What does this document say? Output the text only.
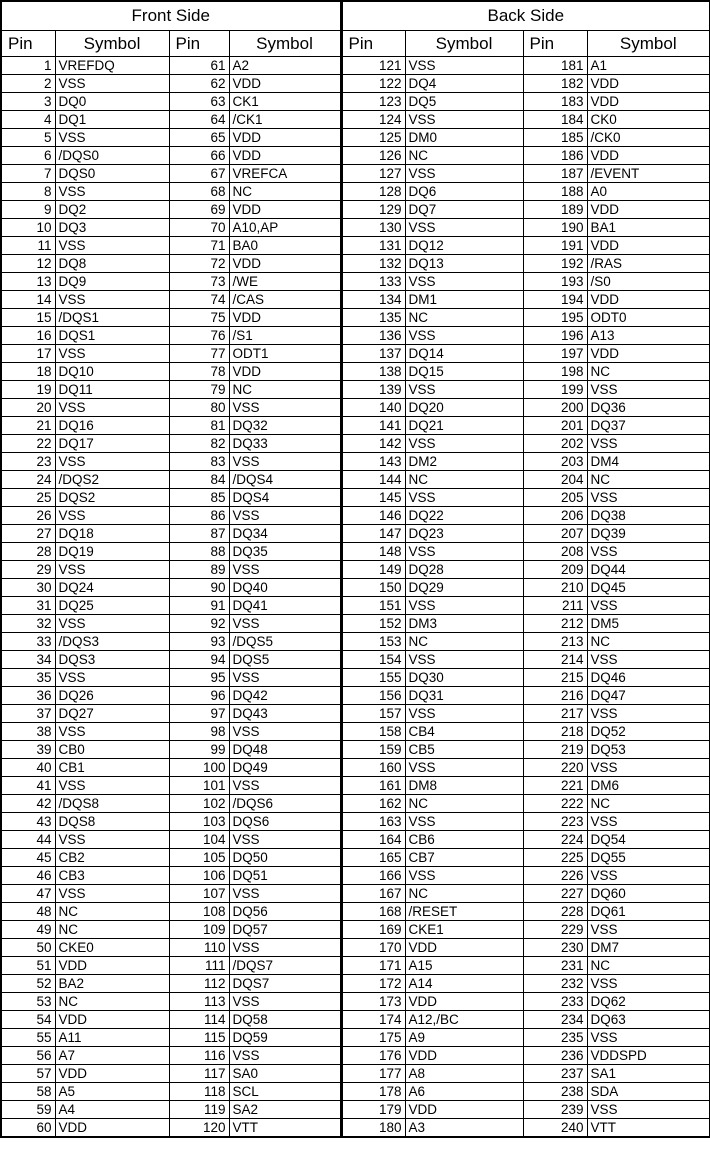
Front Side				Back Side			
Pin	Symbol	Pin	Symbol	Pin	Symbol	Pin	Symbol
1	VREFDQ	61	A2	121	VSS	181	A1
2	VSS	62	VDD	122	DQ4	182	VDD
3	DQ0	63	CK1	123	DQ5	183	VDD
4	DQ1	64	/CK1	124	VSS	184	CK0
5	VSS	65	VDD	125	DM0	185	/CK0
6	/DQS0	66	VDD	126	NC	186	VDD
7	DQS0	67	VREFCA	127	VSS	187	/EVENT
8	VSS	68	NC	128	DQ6	188	A0
9	DQ2	69	VDD	129	DQ7	189	VDD
10	DQ3	70	A10,AP	130	VSS	190	BA1
11	VSS	71	BA0	131	DQ12	191	VDD
12	DQ8	72	VDD	132	DQ13	192	/RAS
13	DQ9	73	/WE	133	VSS	193	/S0
14	VSS	74	/CAS	134	DM1	194	VDD
15	/DQS1	75	VDD	135	NC	195	ODT0
16	DQS1	76	/S1	136	VSS	196	A13
17	VSS	77	ODT1	137	DQ14	197	VDD
18	DQ10	78	VDD	138	DQ15	198	NC
19	DQ11	79	NC	139	VSS	199	VSS
20	VSS	80	VSS	140	DQ20	200	DQ36
21	DQ16	81	DQ32	141	DQ21	201	DQ37
22	DQ17	82	DQ33	142	VSS	202	VSS
23	VSS	83	VSS	143	DM2	203	DM4
24	/DQS2	84	/DQS4	144	NC	204	NC
25	DQS2	85	DQS4	145	VSS	205	VSS
26	VSS	86	VSS	146	DQ22	206	DQ38
27	DQ18	87	DQ34	147	DQ23	207	DQ39
28	DQ19	88	DQ35	148	VSS	208	VSS
29	VSS	89	VSS	149	DQ28	209	DQ44
30	DQ24	90	DQ40	150	DQ29	210	DQ45
31	DQ25	91	DQ41	151	VSS	211	VSS
32	VSS	92	VSS	152	DM3	212	DM5
33	/DQS3	93	/DQS5	153	NC	213	NC
34	DQS3	94	DQS5	154	VSS	214	VSS
35	VSS	95	VSS	155	DQ30	215	DQ46
36	DQ26	96	DQ42	156	DQ31	216	DQ47
37	DQ27	97	DQ43	157	VSS	217	VSS
38	VSS	98	VSS	158	CB4	218	DQ52
39	CB0	99	DQ48	159	CB5	219	DQ53
40	CB1	100	DQ49	160	VSS	220	VSS
41	VSS	101	VSS	161	DM8	221	DM6
42	/DQS8	102	/DQS6	162	NC	222	NC
43	DQS8	103	DQS6	163	VSS	223	VSS
44	VSS	104	VSS	164	CB6	224	DQ54
45	CB2	105	DQ50	165	CB7	225	DQ55
46	CB3	106	DQ51	166	VSS	226	VSS
47	VSS	107	VSS	167	NC	227	DQ60
48	NC	108	DQ56	168	/RESET	228	DQ61
49	NC	109	DQ57	169	CKE1	229	VSS
50	CKE0	110	VSS	170	VDD	230	DM7
51	VDD	111	/DQS7	171	A15	231	NC
52	BA2	112	DQS7	172	A14	232	VSS
53	NC	113	VSS	173	VDD	233	DQ62
54	VDD	114	DQ58	174	A12,/BC	234	DQ63
55	A11	115	DQ59	175	A9	235	VSS
56	A7	116	VSS	176	VDD	236	VDDSPD
57	VDD	117	SA0	177	A8	237	SA1
58	A5	118	SCL	178	A6	238	SDA
59	A4	119	SA2	179	VDD	239	VSS
60	VDD	120	VTT	180	A3	240	VTT
